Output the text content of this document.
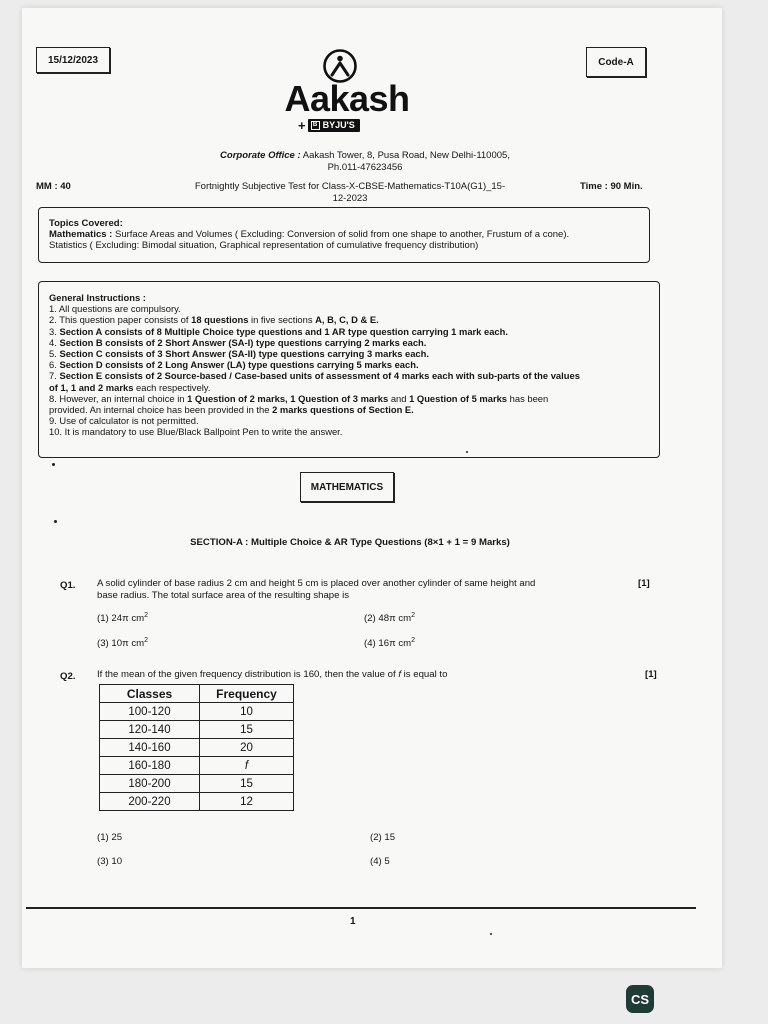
15/12/2023	Code-A
Aakash
+	B BYJU'S
Corporate Office : Aakash Tower, 8, Pusa Road, New Delhi-110005,
Ph.011-47623456
MM : 40	Fortnightly Subjective Test for Class-X-CBSE-Mathematics-T10A(G1)_15-
12-2023
Time : 90 Min.
Topics Covered:
Mathematics : Surface Areas and Volumes ( Excluding: Conversion of solid from one shape to another, Frustum of a cone).
Statistics ( Excluding: Bimodal situation, Graphical representation of cumulative frequency distribution)
General Instructions :
1. All questions are compulsory.
2. This question paper consists of 18 questions in five sections A, B, C, D & E.
3. Section A consists of 8 Multiple Choice type questions and 1 AR type question carrying 1 mark each.
4. Section B consists of 2 Short Answer (SA-I) type questions carrying 2 marks each.
5. Section C consists of 3 Short Answer (SA-II) type questions carrying 3 marks each.
6. Section D consists of 2 Long Answer (LA) type questions carrying 5 marks each.
7. Section E consists of 2 Source-based / Case-based units of assessment of 4 marks each with sub-parts of the values
of 1, 1 and 2 marks each respectively.
8. However, an internal choice in 1 Question of 2 marks, 1 Question of 3 marks and 1 Question of 5 marks has been
provided. An internal choice has been provided in the 2 marks questions of Section E.
9. Use of calculator is not permitted.
10. It is mandatory to use Blue/Black Ballpoint Pen to write the answer.
MATHEMATICS
SECTION-A : Multiple Choice & AR Type Questions (8×1 + 1 = 9 Marks)
Q1. A solid cylinder of base radius 2 cm and height 5 cm is placed over another cylinder of same height and
base radius. The total surface area of the resulting shape is
[1]
(1) 24π $cm^2$	(2) 48π $cm^2$
(3) 10π $cm^2$	(4) 16π $cm^2$
Q2. If the mean of the given frequency distribution is 160, then the value of f is equal to	[1]
Classes	Frequency
100-120	10
120-140	15
140-160	20
160-180	f
180-200	15
200-220	12
(1) 25	(2) 15
(3) 10	(4) 5
1
CS
